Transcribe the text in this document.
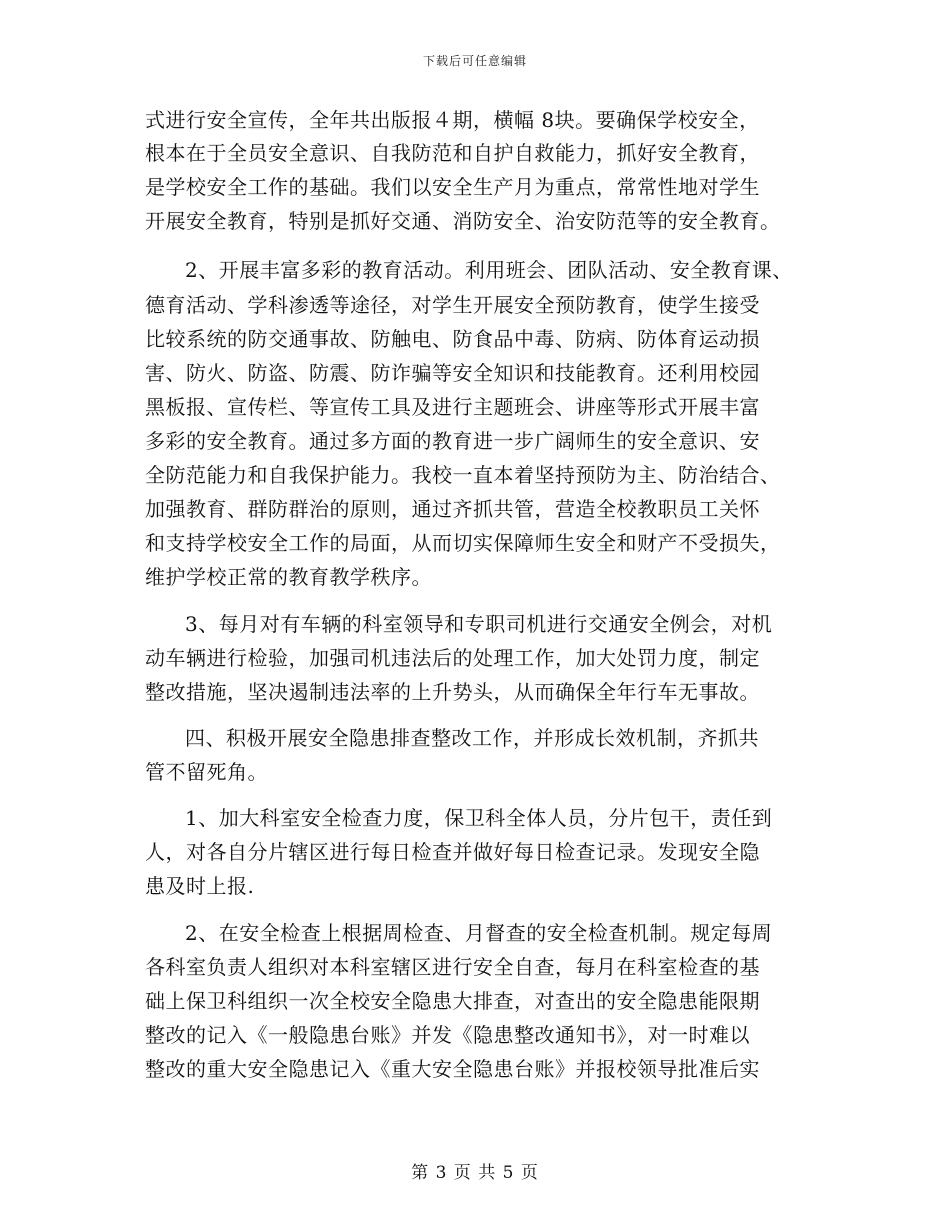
下载后可任意编辑
式进行安全宣传，全年共出版报４期，横幅 8块。要确保学校安全，
根本在于全员安全意识、自我防范和自护自救能力，抓好安全教育，
是学校安全工作的基础。我们以安全生产月为重点，常常性地对学生
开展安全教育，特别是抓好交通、消防安全、治安防范等的安全教育。
2、开展丰富多彩的教育活动。利用班会、团队活动、安全教育课、
德育活动、学科渗透等途径，对学生开展安全预防教育，使学生接受
比较系统的防交通事故、防触电、防食品中毒、防病、防体育运动损
害、防火、防盗、防震、防诈骗等安全知识和技能教育。还利用校园
黑板报、宣传栏、等宣传工具及进行主题班会、讲座等形式开展丰富
多彩的安全教育。通过多方面的教育进一步广阔师生的安全意识、安
全防范能力和自我保护能力。我校一直本着坚持预防为主、防治结合、
加强教育、群防群治的原则，通过齐抓共管，营造全校教职员工关怀
和支持学校安全工作的局面，从而切实保障师生安全和财产不受损失，
维护学校正常的教育教学秩序。
3、每月对有车辆的科室领导和专职司机进行交通安全例会，对机
动车辆进行检验，加强司机违法后的处理工作，加大处罚力度，制定
整改措施，坚决遏制违法率的上升势头，从而确保全年行车无事故。
四、积极开展安全隐患排查整改工作，并形成长效机制，齐抓共
管不留死角。
1、加大科室安全检查力度，保卫科全体人员，分片包干，责任到
人，对各自分片辖区进行每日检查并做好每日检查记录。发现安全隐
患及时上报.
2、在安全检查上根据周检查、月督查的安全检查机制。规定每周
各科室负责人组织对本科室辖区进行安全自查，每月在科室检查的基
础上保卫科组织一次全校安全隐患大排查，对查出的安全隐患能限期
整改的记入《一般隐患台账》并发《隐患整改通知书》，对一时难以
整改的重大安全隐患记入《重大安全隐患台账》并报校领导批准后实
第 3 页 共 5 页
